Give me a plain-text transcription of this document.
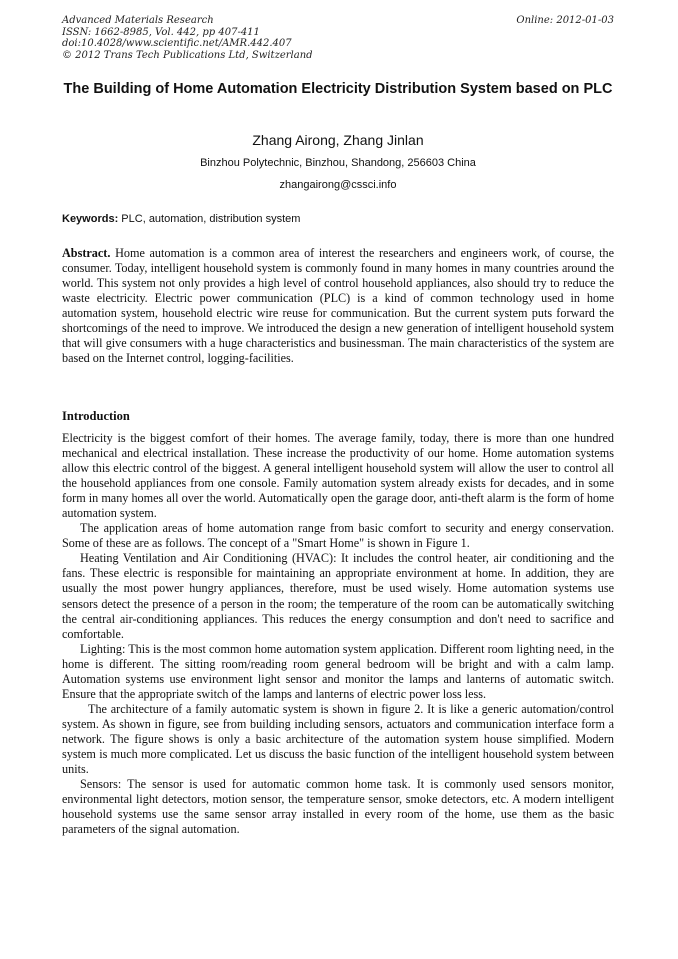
Advanced Materials Research
ISSN: 1662-8985, Vol. 442, pp 407-411
doi:10.4028/www.scientific.net/AMR.442.407
© 2012 Trans Tech Publications Ltd, Switzerland
Online: 2012-01-03
The Building of Home Automation Electricity Distribution System based on PLC
Zhang Airong, Zhang Jinlan
Binzhou Polytechnic, Binzhou, Shandong, 256603 China
zhangairong@cssci.info
Keywords: PLC, automation, distribution system
Abstract. Home automation is a common area of interest the researchers and engineers work, of course, the consumer. Today, intelligent household system is commonly found in many homes in many countries around the world. This system not only provides a high level of control household appliances, also should try to reduce the waste electricity. Electric power communication (PLC) is a kind of common technology used in home automation system, household electric wire reuse for communication. But the current system puts forward the shortcomings of the need to improve. We introduced the design a new generation of intelligent household system that will give consumers with a huge characteristics and businessman. The main characteristics of the system are based on the Internet control, logging-facilities.
Introduction

Electricity is the biggest comfort of their homes. The average family, today, there is more than one hundred mechanical and electrical installation. These increase the productivity of our home. Home automation systems allow this electric control of the biggest. A general intelligent household system will allow the user to control all the household appliances from one console. Family automation system already exists for decades, and in some form in many homes all over the world. Automatically open the garage door, anti-theft alarm is the form of home automation system.

The application areas of home automation range from basic comfort to security and energy conservation. Some of these are as follows. The concept of a "Smart Home" is shown in Figure 1.

Heating Ventilation and Air Conditioning (HVAC): It includes the control heater, air conditioning and the fans. These electric is responsible for maintaining an appropriate environment at home. In addition, they are usually the most power hungry appliances, therefore, must be used wisely. Home automation systems use sensors detect the presence of a person in the room; the temperature of the room can be automatically switching the central air-conditioning appliances. This reduces the energy consumption and don't need to sacrifice and comfortable.

Lighting: This is the most common home automation system application. Different room lighting need, in the home is different. The sitting room/reading room general bedroom will be bright and with a calm lamp. Automation systems use environment light sensor and monitor the lamps and lanterns of automatic switch. Ensure that the appropriate switch of the lamps and lanterns of electric power loss less.

The architecture of a family automatic system is shown in figure 2. It is like a generic automation/control system. As shown in figure, see from building including sensors, actuators and communication interface form a network. The figure shows is only a basic architecture of the automation system house simplified. Modern system is much more complicated. Let us discuss the basic function of the intelligent household system between units.

Sensors: The sensor is used for automatic common home task. It is commonly used sensors monitor, environmental light detectors, motion sensor, the temperature sensor, smoke detectors, etc. A modern intelligent household systems use the same sensor array installed in every room of the home, use them as the basic parameters of the signal automation.
